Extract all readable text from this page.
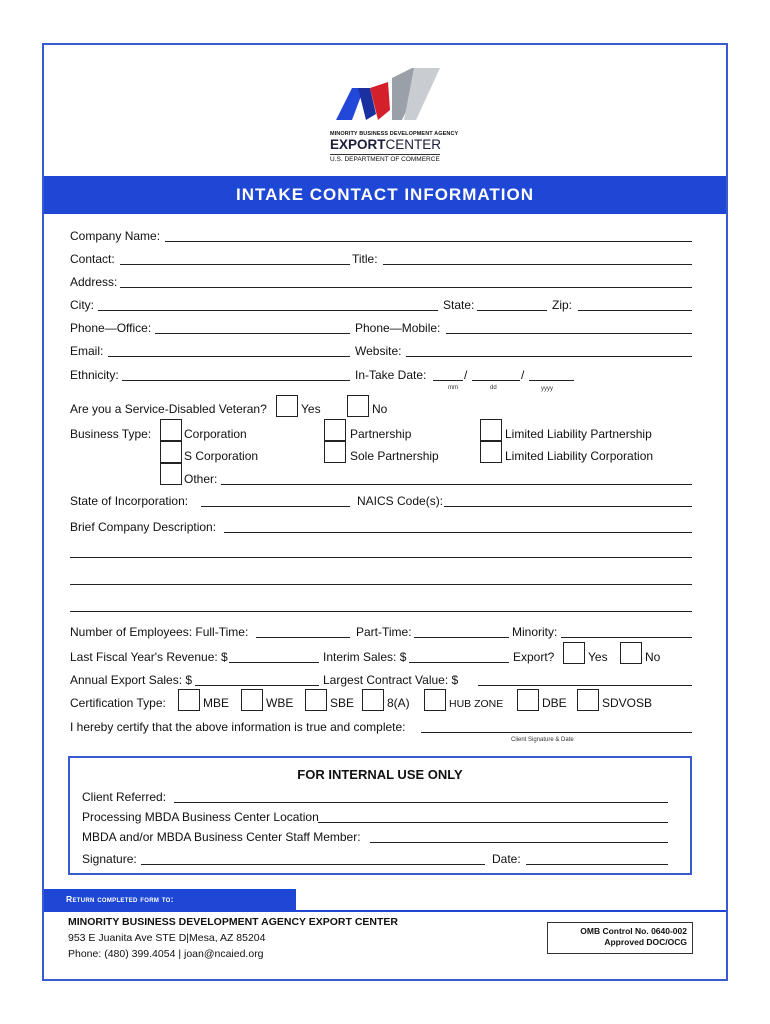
MINORITY BUSINESS DEVELOPMENT AGENCY
EXPORTCENTER
U.S. DEPARTMENT OF COMMERCE
INTAKE CONTACT INFORMATION
Company Name:
Contact:	Title:
Address:
City:	State:	Zip:
Phone—Office:	Phone—Mobile:
Email:	Website:
Ethnicity:	In-Take Date:	/	/
mm	dd	yyyy
Are you a Service-Disabled Veteran?	Yes	No
Business Type:	Corporation	Partnership	Limited Liability Partnership
S Corporation	Sole Partnership	Limited Liability Corporation
Other:
State of Incorporation:	NAICS Code(s):
Brief Company Description:
Number of Employees: Full-Time:	Part-Time:	Minority:
Last Fiscal Year's Revenue: $	Interim Sales: $	Export?	Yes	No
Annual Export Sales: $	Largest Contract Value: $
Certification Type:	MBE	WBE	SBE	8(A)	HUB ZONE	DBE	SDVOSB
I hereby certify that the above information is true and complete:
Client Signature & Date
FOR INTERNAL USE ONLY
Client Referred:
Processing MBDA Business Center Location
MBDA and/or MBDA Business Center Staff Member:
Signature:	Date:
Return completed form to:
MINORITY BUSINESS DEVELOPMENT AGENCY EXPORT CENTER
953 E Juanita Ave STE D|Mesa, AZ 85204
Phone: (480) 399.4054 | joan@ncaied.org
OMB Control No. 0640-002
Approved DOC/OCG
